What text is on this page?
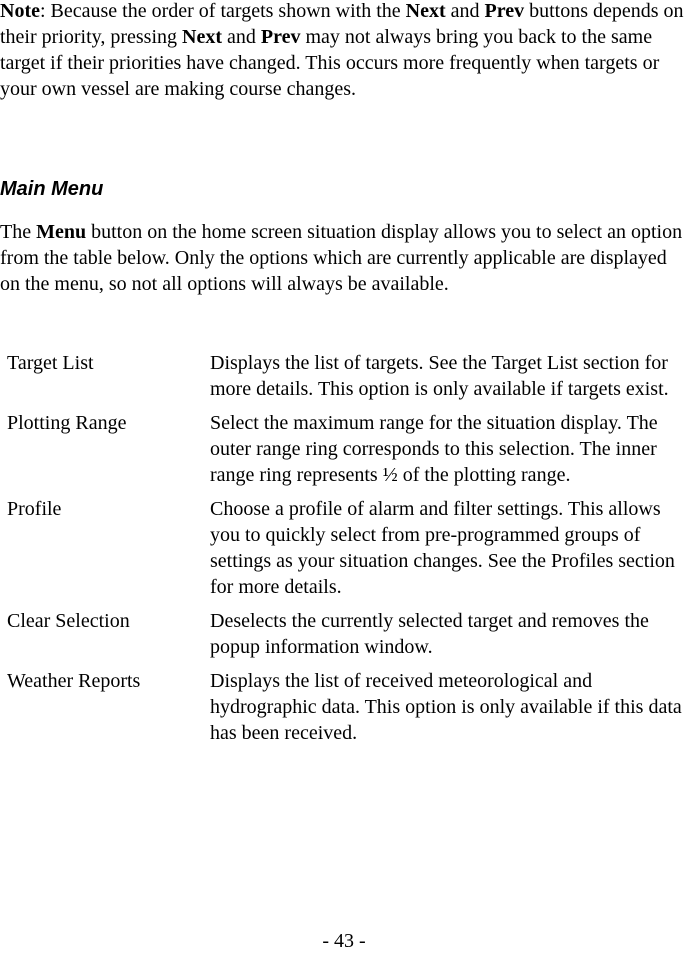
Note: Because the order of targets shown with the Next and Prev buttons depends on their priority, pressing Next and Prev may not always bring you back to the same target if their priorities have changed. This occurs more frequently when targets or your own vessel are making course changes.

Main Menu

The Menu button on the home screen situation display allows you to select an option from the table below. Only the options which are currently applicable are displayed on the menu, so not all options will always be available.

Target List	Displays the list of targets. See the Target List section for more details. This option is only available if targets exist.
Plotting Range	Select the maximum range for the situation display. The outer range ring corresponds to this selection. The inner range ring represents ½ of the plotting range.
Profile	Choose a profile of alarm and filter settings. This allows you to quickly select from pre-programmed groups of settings as your situation changes. See the Profiles section for more details.
Clear Selection	Deselects the currently selected target and removes the popup information window.
Weather Reports	Displays the list of received meteorological and hydrographic data. This option is only available if this data has been received.
- 43 -
